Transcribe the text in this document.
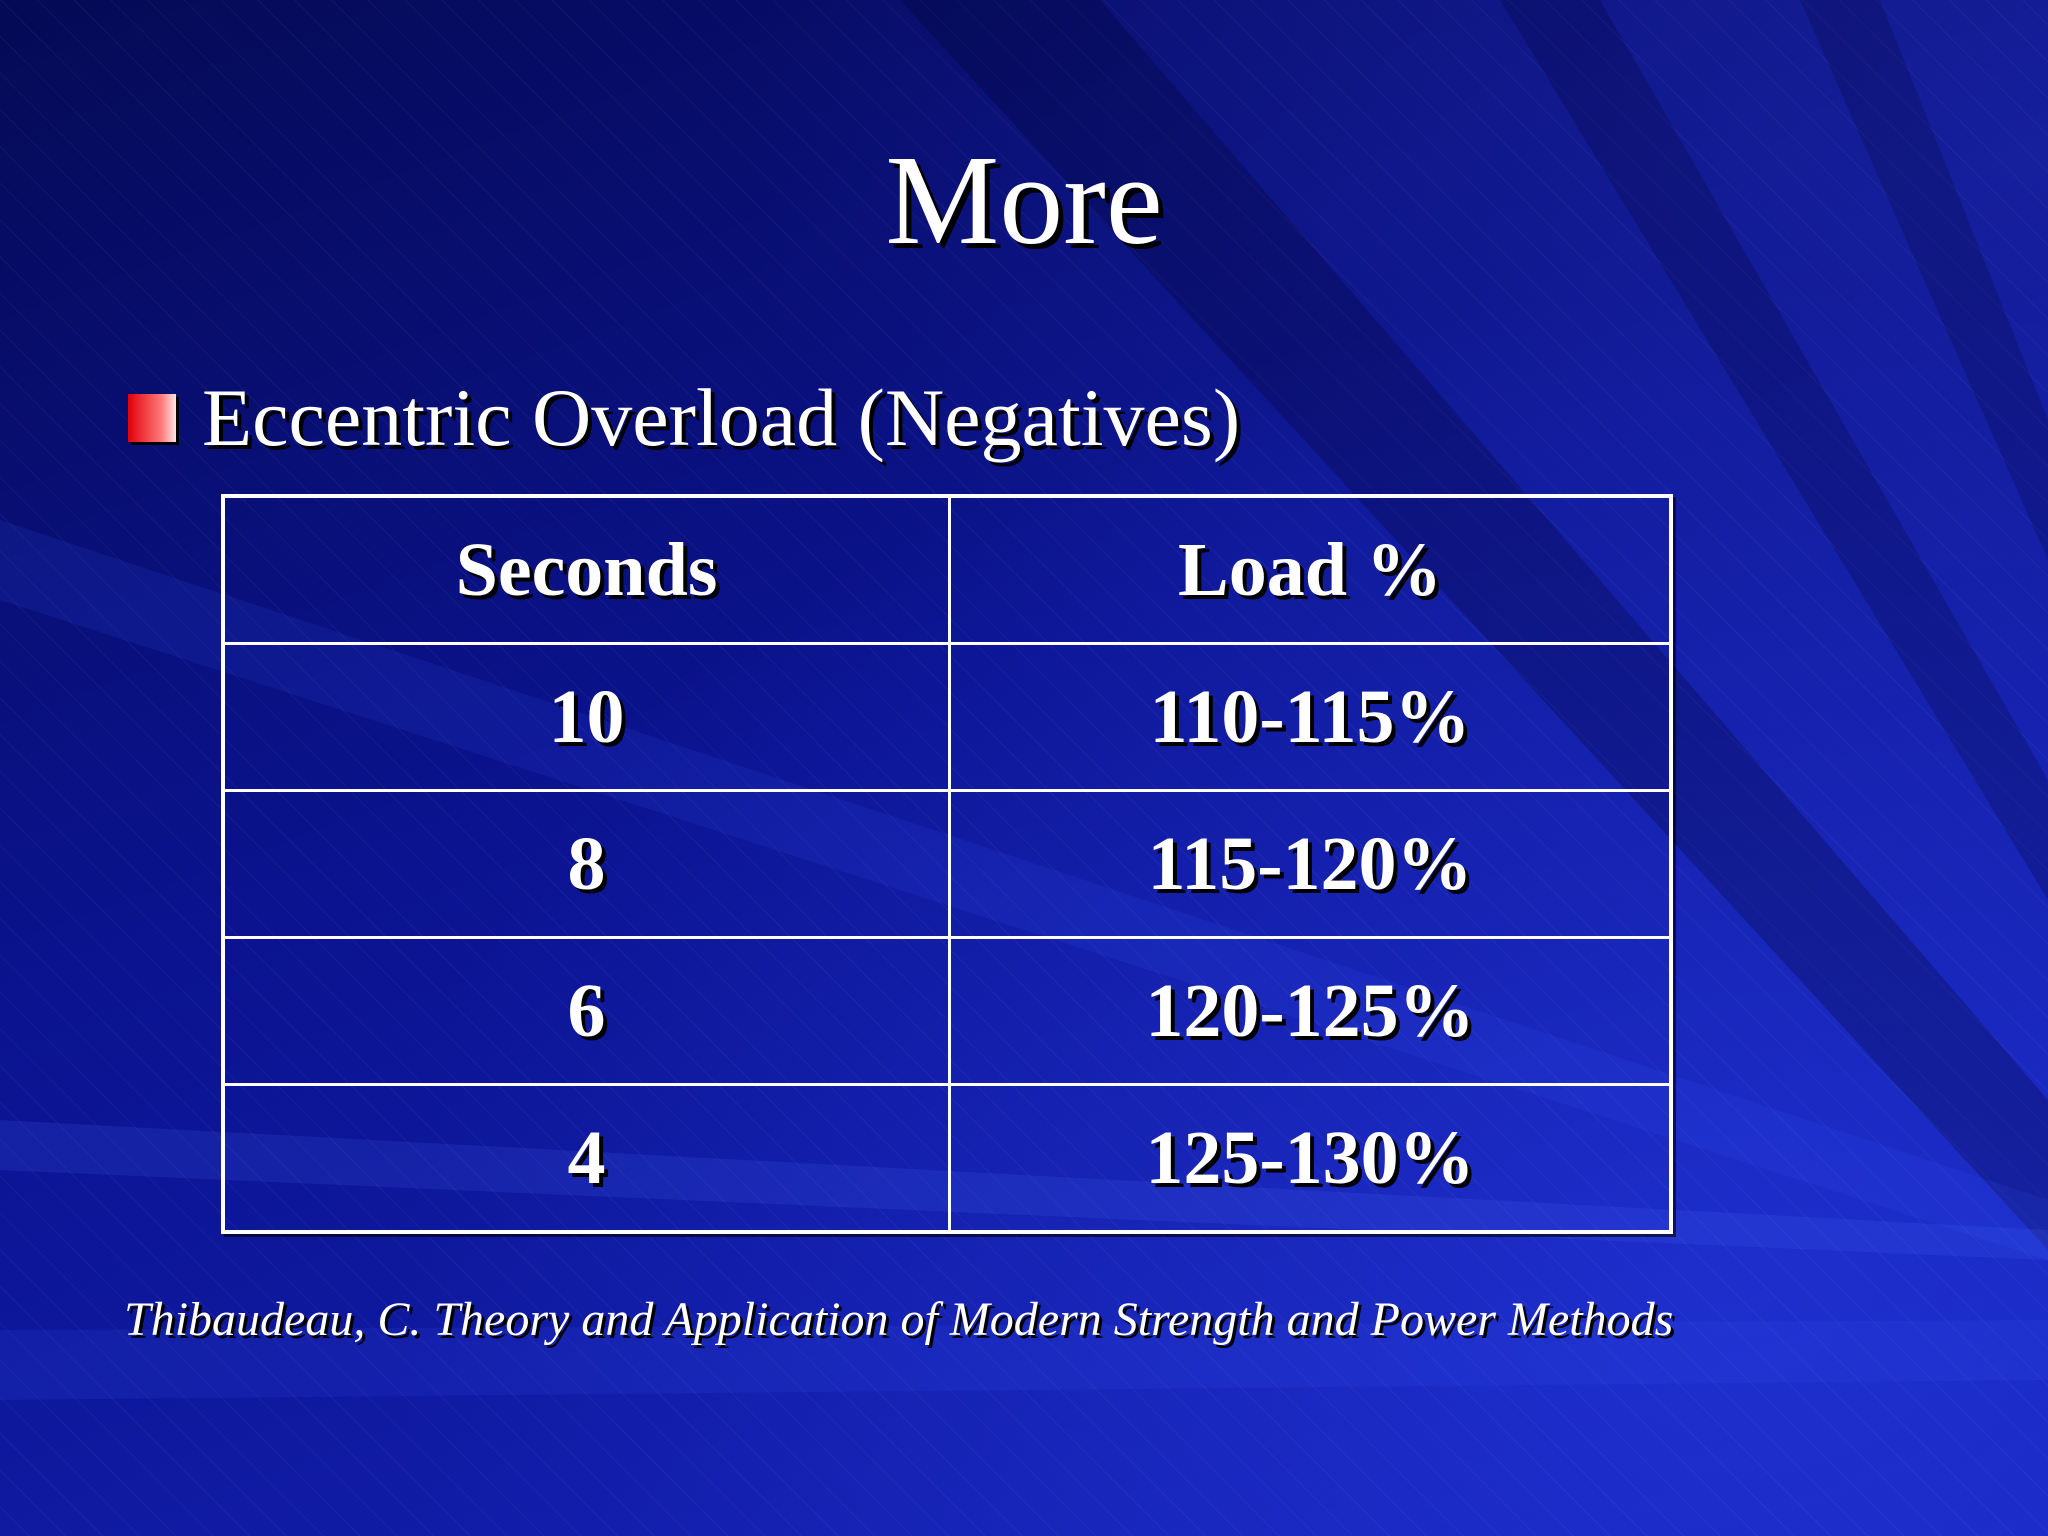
More
Eccentric Overload (Negatives)
Seconds	Load %
10	110-115%
8	115-120%
6	120-125%
4	125-130%
Thibaudeau, C. Theory and Application of Modern Strength and Power Methods
